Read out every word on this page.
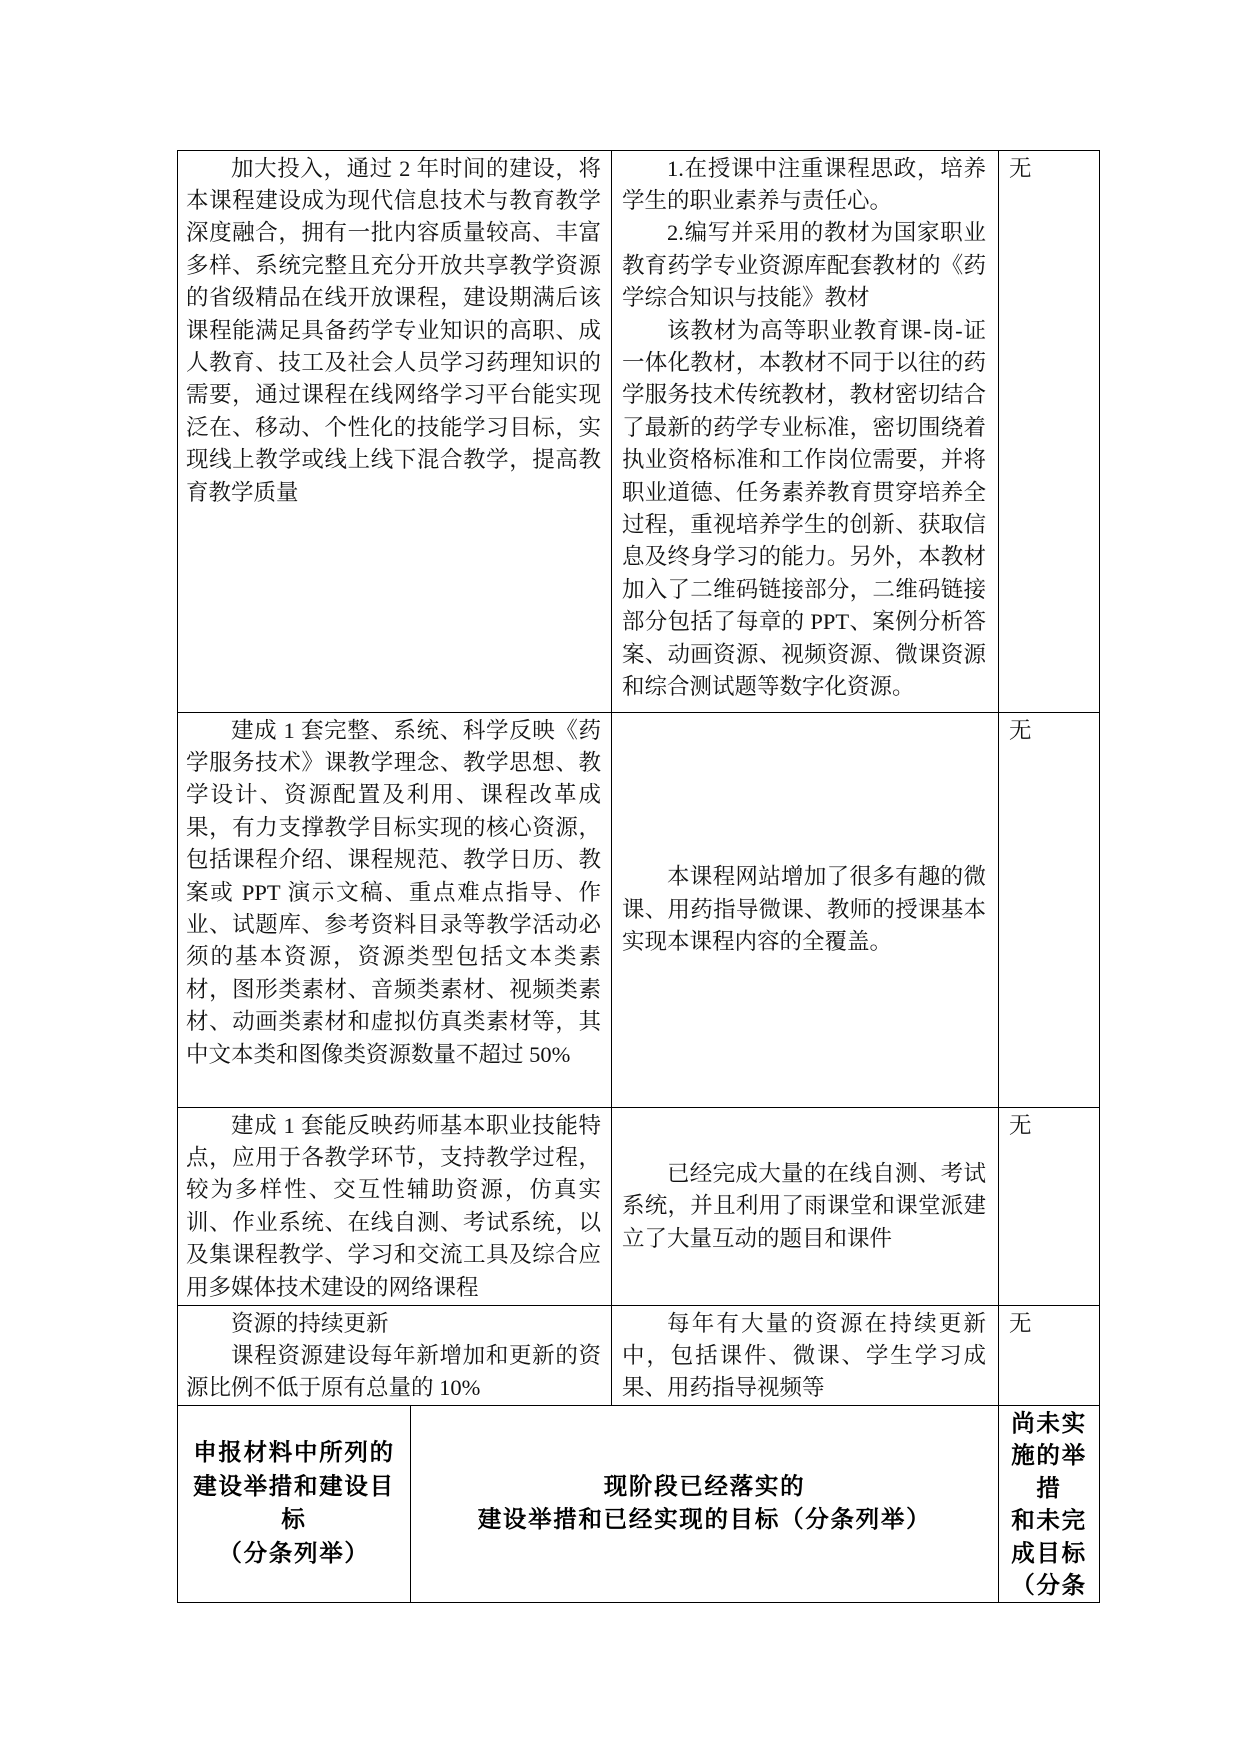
加大投入，通过 2 年时间的建设，将本课程建设成为现代信息技术与教育教学深度融合，拥有一批内容质量较高、丰富多样、系统完整且充分开放共享教学资源的省级精品在线开放课程，建设期满后该课程能满足具备药学专业知识的高职、成人教育、技工及社会人员学习药理知识的需要，通过课程在线网络学习平台能实现泛在、移动、个性化的技能学习目标，实现线上教学或线上线下混合教学，提高教育教学质量

1.在授课中注重课程思政，培养学生的职业素养与责任心。

2.编写并采用的教材为国家职业教育药学专业资源库配套教材的《药学综合知识与技能》教材

该教材为高等职业教育课-岗-证一体化教材，本教材不同于以往的药学服务技术传统教材，教材密切结合了最新的药学专业标准，密切围绕着执业资格标准和工作岗位需要，并将职业道德、任务素养教育贯穿培养全过程，重视培养学生的创新、获取信息及终身学习的能力。另外，本教材加入了二维码链接部分，二维码链接部分包括了每章的 PPT、案例分析答案、动画资源、视频资源、微课资源和综合测试题等数字化资源。

无

建成 1 套完整、系统、科学反映《药学服务技术》课教学理念、教学思想、教学设计、资源配置及利用、课程改革成果，有力支撑教学目标实现的核心资源，包括课程介绍、课程规范、教学日历、教案或 PPT 演示文稿、重点难点指导、作业、试题库、参考资料目录等教学活动必须的基本资源，资源类型包括文本类素材，图形类素材、音频类素材、视频类素材、动画类素材和虚拟仿真类素材等，其中文本类和图像类资源数量不超过 50%

本课程网站增加了很多有趣的微课、用药指导微课、教师的授课基本实现本课程内容的全覆盖。

无

建成 1 套能反映药师基本职业技能特点，应用于各教学环节，支持教学过程，较为多样性、交互性辅助资源，仿真实训、作业系统、在线自测、考试系统，以及集课程教学、学习和交流工具及综合应用多媒体技术建设的网络课程

已经完成大量的在线自测、考试系统，并且利用了雨课堂和课堂派建立了大量互动的题目和课件

无

资源的持续更新

课程资源建设每年新增加和更新的资源比例不低于原有总量的 10%

每年有大量的资源在持续更新中，包括课件、微课、学生学习成果、用药指导视频等

无

申报材料中所列的建设举措和建设目标

（分条列举）

现阶段已经落实的

建设举措和已经实现的目标（分条列举）

尚未实施的举措

和未完成目标（分条
